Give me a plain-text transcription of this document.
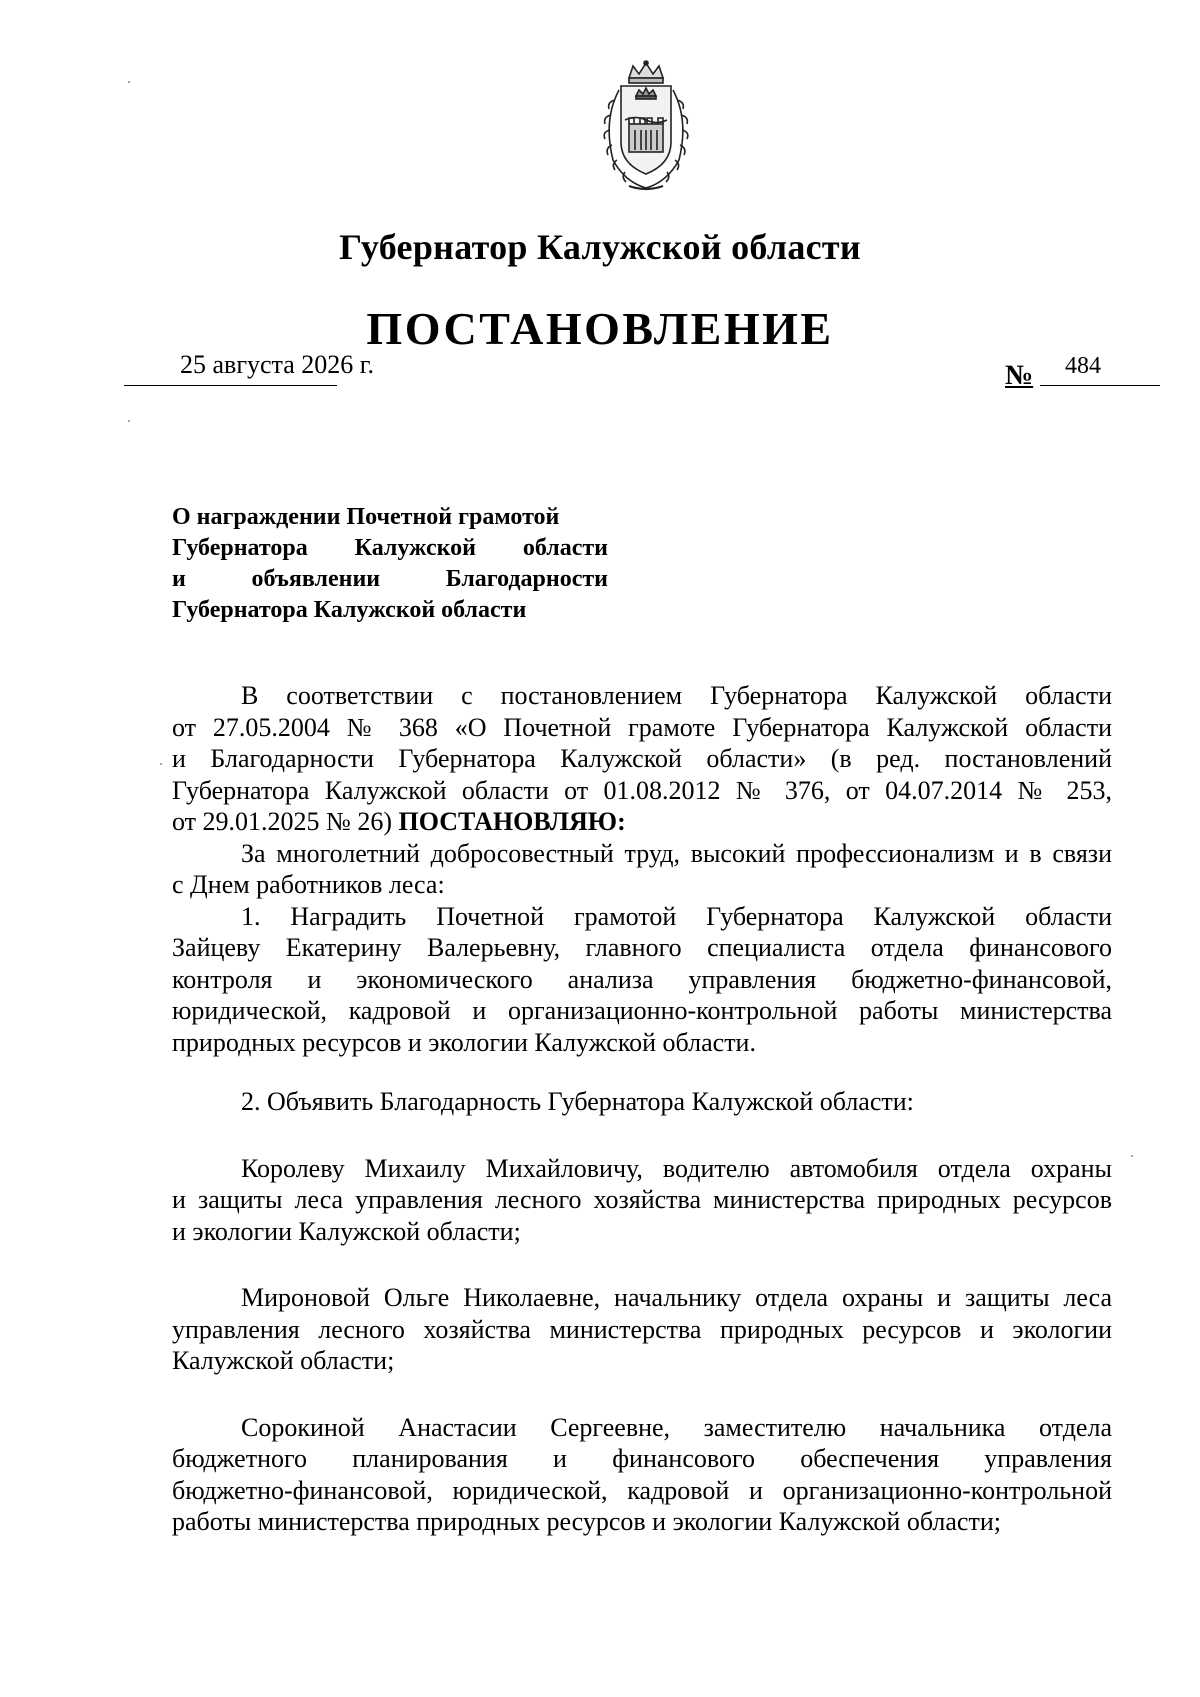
Губернатор Калужской области
ПОСТАНОВЛЕНИЕ
25 августа 2026 г.	№ 484
О награждении Почетной грамотой
Губернатора Калужской области
и объявлении Благодарности
Губернатора Калужской области
В соответствии с постановлением Губернатора Калужской области
от 27.05.2004 № 368 «О Почетной грамоте Губернатора Калужской области
и Благодарности Губернатора Калужской области» (в ред. постановлений
Губернатора Калужской области от 01.08.2012 № 376, от 04.07.2014 № 253,
от 29.01.2025 № 26) ПОСТАНОВЛЯЮ:
За многолетний добросовестный труд, высокий профессионализм и в связи
с Днем работников леса:
1. Наградить Почетной грамотой Губернатора Калужской области
Зайцеву Екатерину Валерьевну, главного специалиста отдела финансового
контроля и экономического анализа управления бюджетно-финансовой,
юридической, кадровой и организационно-контрольной работы министерства
природных ресурсов и экологии Калужской области.
2. Объявить Благодарность Губернатора Калужской области:
Королеву Михаилу Михайловичу, водителю автомобиля отдела охраны
и защиты леса управления лесного хозяйства министерства природных ресурсов
и экологии Калужской области;
Мироновой Ольге Николаевне, начальнику отдела охраны и защиты леса
управления лесного хозяйства министерства природных ресурсов и экологии
Калужской области;
Сорокиной Анастасии Сергеевне, заместителю начальника отдела
бюджетного планирования и финансового обеспечения управления
бюджетно-финансовой, юридической, кадровой и организационно-контрольной
работы министерства природных ресурсов и экологии Калужской области;
